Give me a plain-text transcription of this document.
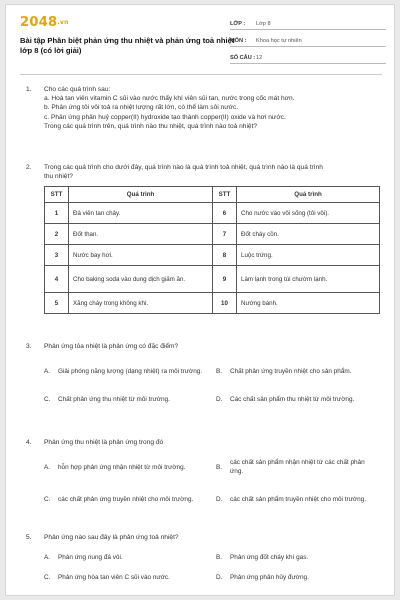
2048.vn
Bài tập Phân biệt phản ứng thu nhiệt và phản ứng toả nhiệt
lớp 8 (có lời giải)
LỚP :	Lớp 8
MÔN :	Khoa học tự nhiên
SỐ CÂU : 12
1.	Cho các quá trình sau:
a. Hoà tan viên vitamin C sủi vào nước thấy khí viên sủi tan, nước trong cốc mát hơn.
b. Phản ứng tôi vôi toả ra nhiệt lượng rất lớn, có thể làm sôi nước.
c. Phản ứng phân huỷ copper(II) hydroxide tạo thành copper(II) oxide và hơi nước.
Trong các quá trình trên, quá trình nào thu nhiệt, quá trình nào toả nhiệt?
2.	Trong các quá trình cho dưới đây, quá trình nào là quá trình toả nhiệt, quá trình nào là quá trình
thu nhiệt?
STT	Quá trình	STT	Quá trình
1	Đá viên tan chảy.	6	Cho nước vào vôi sống (tôi vôi).
2	Đốt than.	7	Đốt cháy cồn.
3	Nước bay hơi.	8	Luộc trứng.
4	Cho baking soda vào dung dịch giấm ăn.	9	Làm lạnh trong túi chườm lạnh.
5	Xăng cháy trong không khí.	10	Nướng bánh.
3.	Phản ứng tỏa nhiệt là phản ứng có đặc điểm?
A.	Giải phóng năng lượng (dạng nhiệt) ra môi trường. B.	Chất phản ứng truyền nhiệt cho sản phẩm.
C.	Chất phản ứng thu nhiệt từ môi trường.	D.	Các chất sản phẩm thu nhiệt từ môi trường.
4.	Phản ứng thu nhiệt là phản ứng trong đó
A.	hỗn hợp phản ứng nhận nhiệt từ môi trường.	B.
các chất sản phẩm nhận nhiệt từ các chất phản ứng.
C.	các chất phản ứng truyền nhiệt cho môi trường.	D.	các chất sản phẩm truyền nhiệt cho môi trường.
5.	Phản ứng nào sau đây là phản ứng toả nhiệt?
A.	Phản ứng nung đá vôi.	B.	Phản ứng đốt cháy khí gas.
C.	Phản ứng hòa tan viên C sủi vào nước.	D.	Phản ứng phân hủy đường.
